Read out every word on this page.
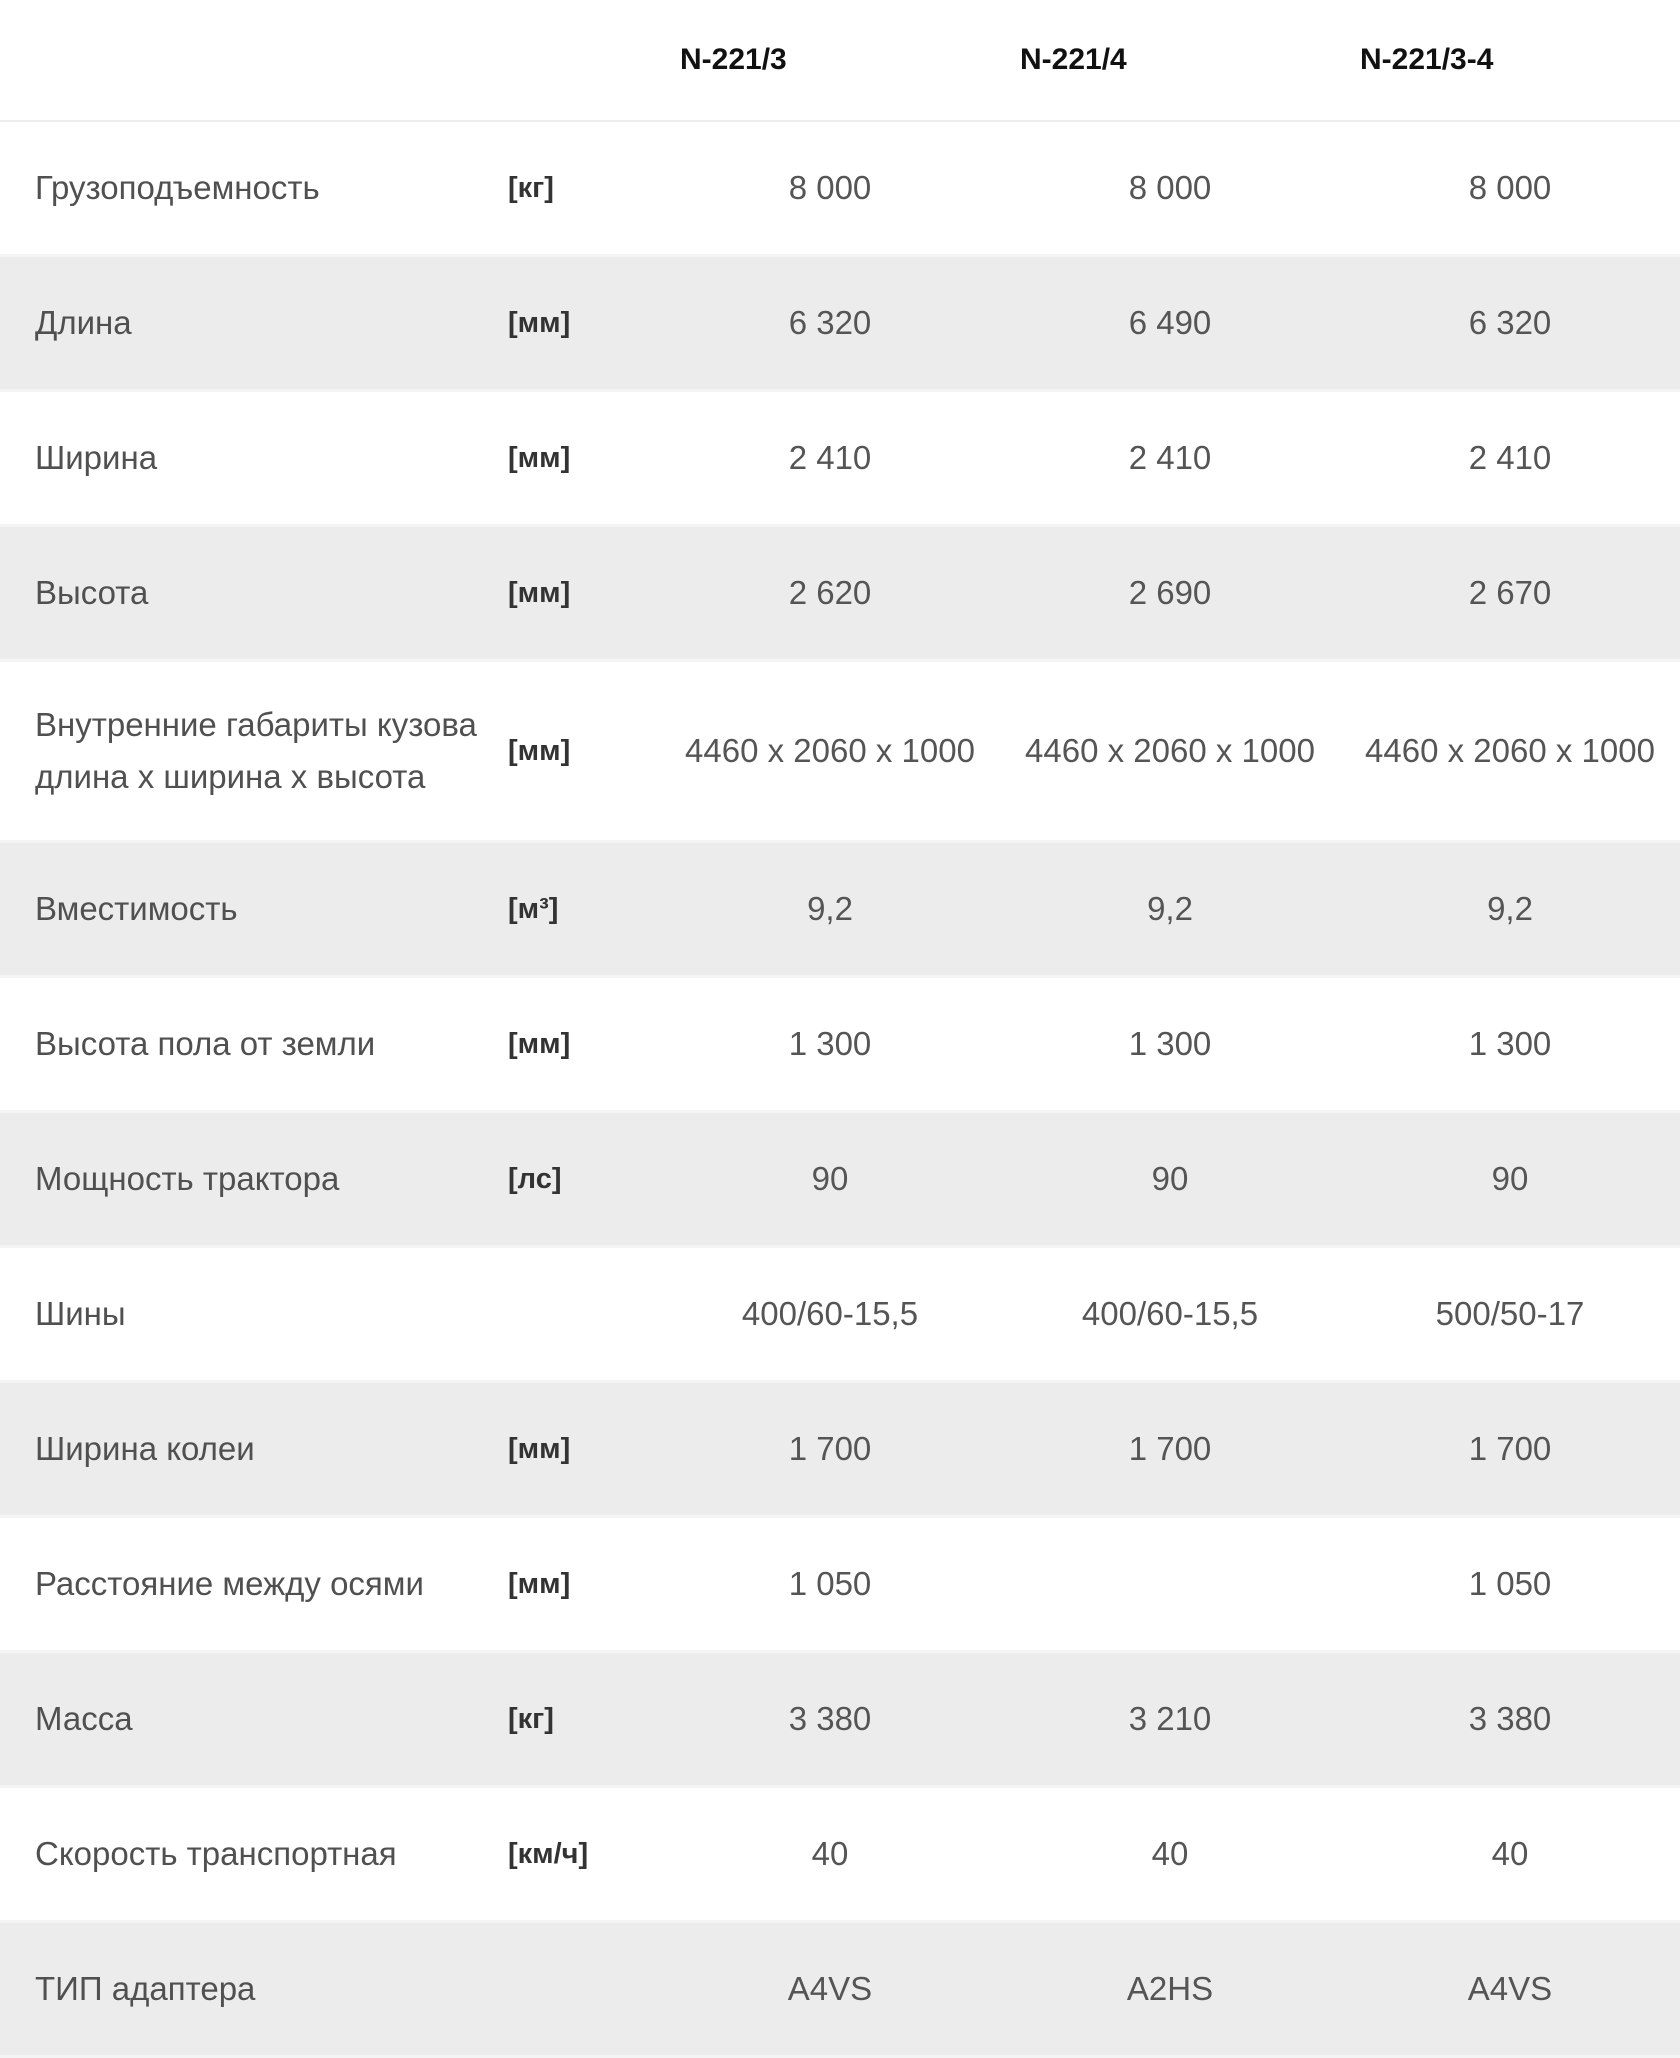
		N-221/3	N-221/4	N-221/3-4	
Грузоподъемность	[кг]	8 000	8 000	8 000	
Длина	[мм]	6 320	6 490	6 320	
Ширина	[мм]	2 410	2 410	2 410	
Высота	[мм]	2 620	2 690	2 670	
Внутренние габариты кузова
длина х ширина х высота	[мм]	4460 x 2060 x 1000	4460 x 2060 x 1000	4460 x 2060 x 1000	
Вместимость	[м³]	9,2	9,2	9,2	
Высота пола от земли	[мм]	1 300	1 300	1 300	
Мощность трактора	[лс]	90	90	90	
Шины		400/60-15,5	400/60-15,5	500/50-17	
Ширина колеи	[мм]	1 700	1 700	1 700	
Расстояние между осями	[мм]	1 050		1 050	
Масса	[кг]	3 380	3 210	3 380	
Скорость транспортная	[км/ч]	40	40	40	
ТИП адаптера		A4VS	A2HS	A4VS	
